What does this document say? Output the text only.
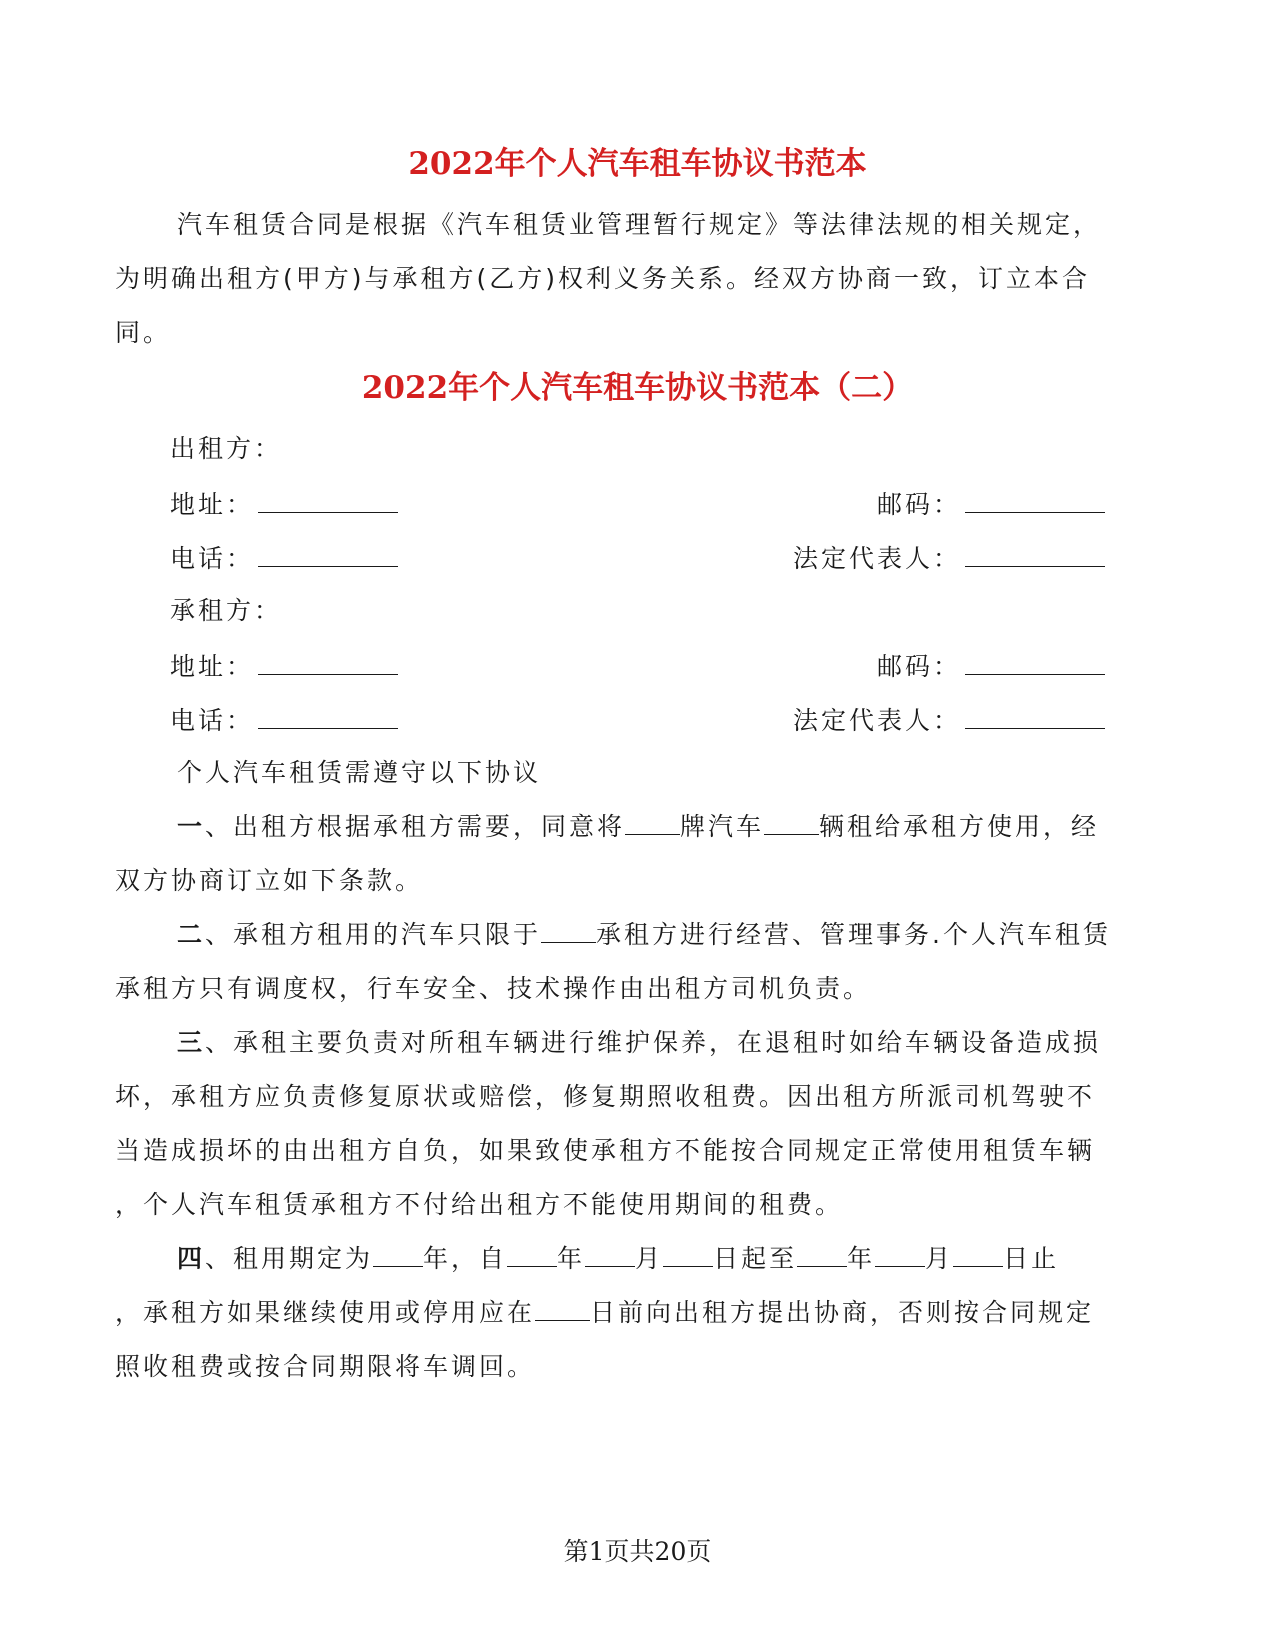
2022年个人汽车租车协议书范本
汽车租赁合同是根据《汽车租赁业管理暂行规定》等法律法规的相关规定，
为明确出租方(甲方)与承租方(乙方)权利义务关系。经双方协商一致，订立本合
同。
2022年个人汽车租车协议书范本（二）
出租方：
地址：	邮码：
电话：	法定代表人：
承租方：
地址：	邮码：
电话：	法定代表人：
个人汽车租赁需遵守以下协议
一、出租方根据承租方需要，同意将 牌汽车 辆租给承租方使用，经
双方协商订立如下条款。
二、承租方租用的汽车只限于 承租方进行经营、管理事务.个人汽车租赁
承租方只有调度权，行车安全、技术操作由出租方司机负责。
三、承租主要负责对所租车辆进行维护保养，在退租时如给车辆设备造成损
坏，承租方应负责修复原状或赔偿，修复期照收租费。因出租方所派司机驾驶不
当造成损坏的由出租方自负，如果致使承租方不能按合同规定正常使用租赁车辆
，个人汽车租赁承租方不付给出租方不能使用期间的租费。
四、租用期定为 年，自 年 月 日起至 年 月 日止
，承租方如果继续使用或停用应在 日前向出租方提出协商，否则按合同规定
照收租费或按合同期限将车调回。
第1页共20页
